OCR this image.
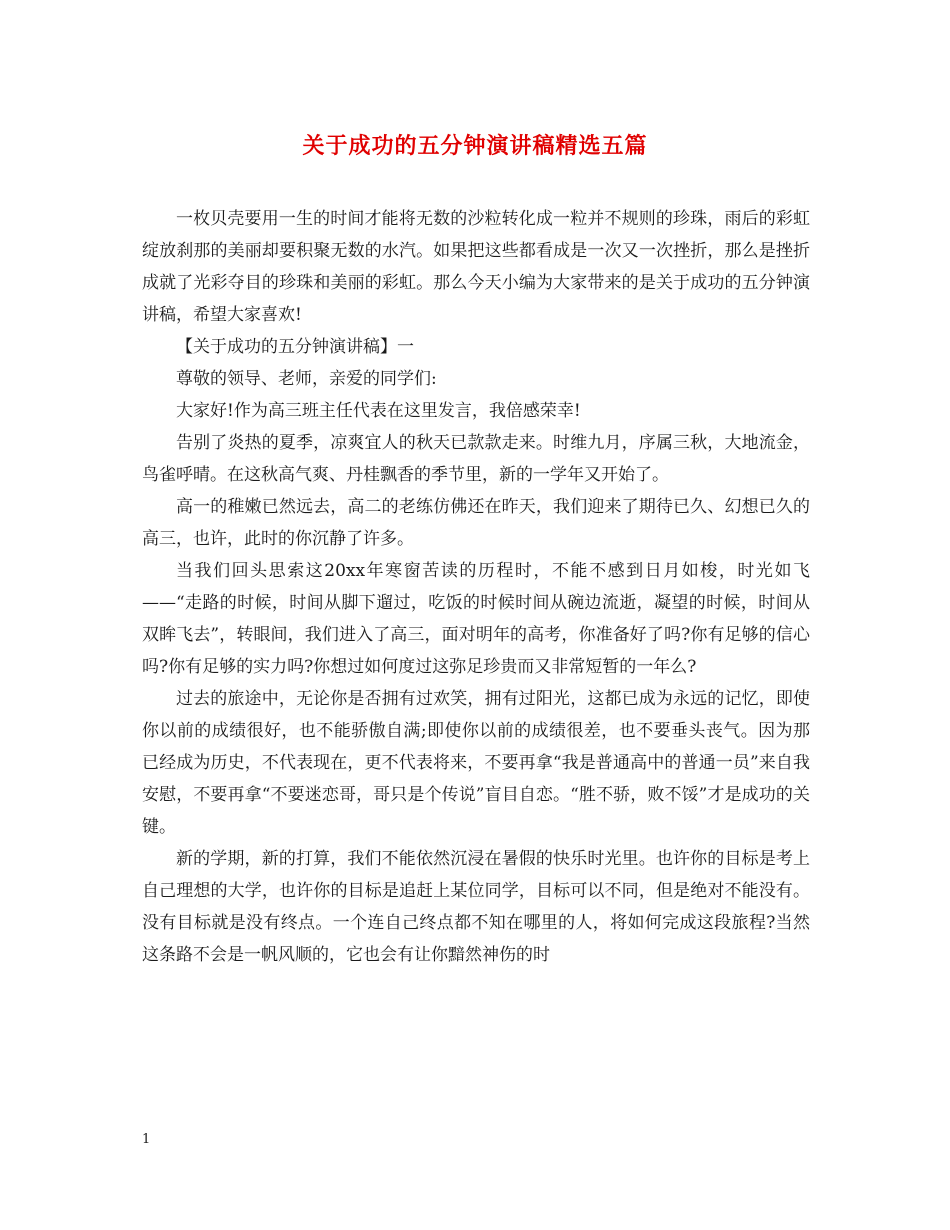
关于成功的五分钟演讲稿精选五篇

一枚贝壳要用一生的时间才能将无数的沙粒转化成一粒并不规则的珍珠，雨后的彩虹绽放刹那的美丽却要积聚无数的水汽。如果把这些都看成是一次又一次挫折，那么是挫折成就了光彩夺目的珍珠和美丽的彩虹。那么今天小编为大家带来的是关于成功的五分钟演讲稿，希望大家喜欢!

【关于成功的五分钟演讲稿】一

尊敬的领导、老师，亲爱的同学们:

大家好!作为高三班主任代表在这里发言，我倍感荣幸!

告别了炎热的夏季，凉爽宜人的秋天已款款走来。时维九月，序属三秋，大地流金，鸟雀呼晴。在这秋高气爽、丹桂飘香的季节里，新的一学年又开始了。

高一的稚嫩已然远去，高二的老练仿佛还在昨天，我们迎来了期待已久、幻想已久的高三，也许，此时的你沉静了许多。

当我们回头思索这20xx年寒窗苦读的历程时，不能不感到日月如梭，时光如飞——“走路的时候，时间从脚下遛过，吃饭的时候时间从碗边流逝，凝望的时候，时间从双眸飞去”，转眼间，我们进入了高三，面对明年的高考，你准备好了吗?你有足够的信心吗?你有足够的实力吗?你想过如何度过这弥足珍贵而又非常短暂的一年么?

过去的旅途中，无论你是否拥有过欢笑，拥有过阳光，这都已成为永远的记忆，即使你以前的成绩很好，也不能骄傲自满;即使你以前的成绩很差，也不要垂头丧气。因为那已经成为历史，不代表现在，更不代表将来，不要再拿“我是普通高中的普通一员”来自我安慰，不要再拿“不要迷恋哥，哥只是个传说”盲目自恋。“胜不骄，败不馁”才是成功的关键。

新的学期，新的打算，我们不能依然沉浸在暑假的快乐时光里。也许你的目标是考上自己理想的大学，也许你的目标是追赶上某位同学，目标可以不同，但是绝对不能没有。没有目标就是没有终点。一个连自己终点都不知在哪里的人，将如何完成这段旅程?当然这条路不会是一帆风顺的，它也会有让你黯然神伤的时

1
